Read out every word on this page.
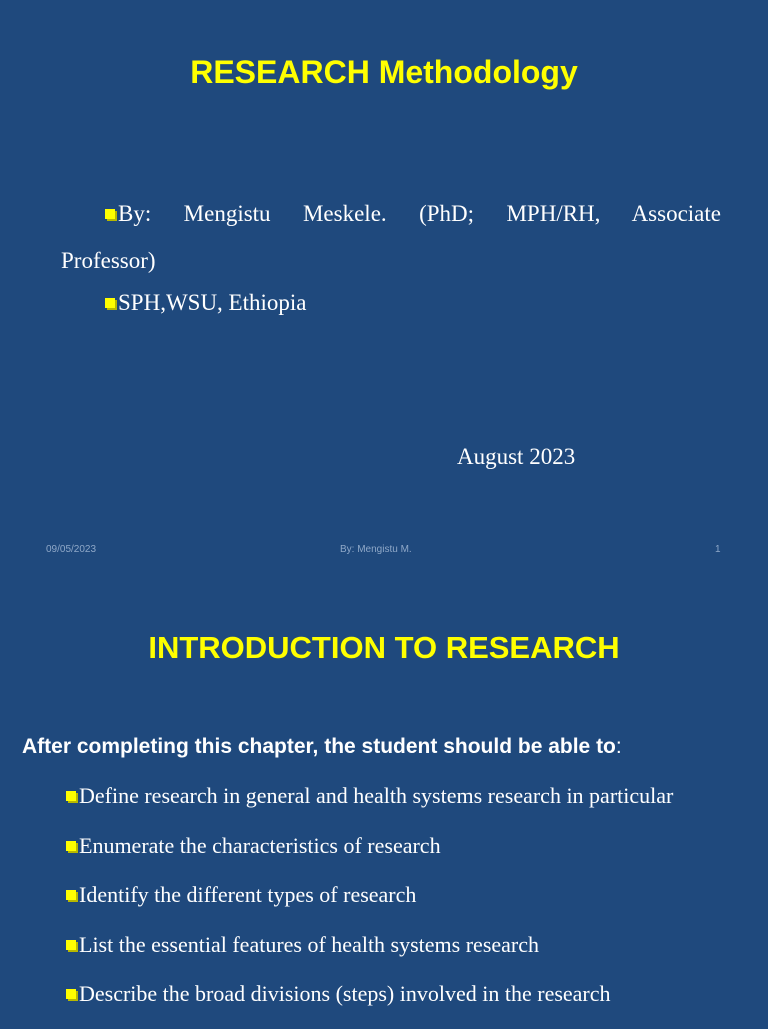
RESEARCH Methodology
By: Mengistu Meskele. (PhD; MPH/RH, Associate
Professor)
SPH,WSU, Ethiopia
August 2023
09/05/2023	By: Mengistu M.	1
INTRODUCTION TO RESEARCH

After completing this chapter, the student should be able to:

Define research in general and health systems research in particular
Enumerate the characteristics of research
Identify the different types of research
List the essential features of health systems research
Describe the broad divisions (steps) involved in the research
